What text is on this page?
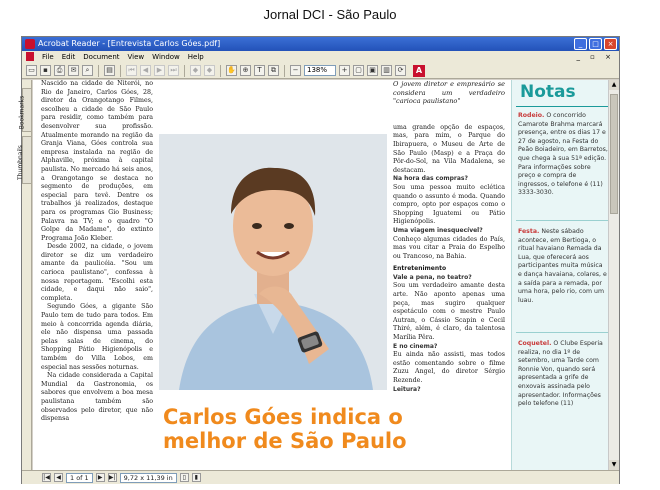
Jornal DCI - São Paulo
Acrobat Reader - [Entrevista Carlos Góes.pdf]	_	□	×
File Edit Document View Window Help	_ ▫ ×
▭	▪	⎙	✉	⌕	▤	⏮	◀	▶	⏭	◆	◆	✋ ⊕	T	⧉	−	138%	+	▢	▣	▥	⟳	A
Bookmarks
Thumbnails

Nascido na cidade de Niterói, no Rio de Janeiro, Carlos Góes, 28, diretor da Orangotango Filmes, escolheu a cidade de São Paulo para residir, como também para desenvolver sua profissão. Atualmente morando na região da Granja Viana, Góes controla sua empresa instalada na região de Alphaville, próxima à capital paulista. No mercado há seis anos, a Orangotango se destaca no segmento de produções, em especial para tevê. Dentre os trabalhos já realizados, destaque para os programas Gio Business; Palavra na TV; e o quadro "O Golpe da Madame", do extinto Programa João Kleber.

Desde 2002, na cidade, o jovem diretor se diz um verdadeiro amante da paulicéia. "Sou um carioca paulistano", confessa à nossa reportagem. "Escolhi esta cidade, e daqui não saio", completa.

Segundo Góes, a gigante São Paulo tem de tudo para todos. Em meio à concorrida agenda diária, ele não dispensa uma passada pelas salas de cinema, do Shopping Pátio Higienópolis e também do Villa Lobos, em especial nas sessões noturnas.

Na cidade considerada a Capital Mundial da Gastronomia, os sabores que envolvem a boa mesa paulistana também são observados pelo diretor, que não dispensa	Carlos Góes indica o melhor de São Paulo

O jovem diretor e empresário se considera um verdadeiro "carioca paulistano"

uma grande opção de espaços, mas, para mim, o Parque do Ibirapuera, o Museu de Arte de São Paulo (Masp) e a Praça do Pôr-do-Sol, na Vila Madalena, se destacam.

Na hora das compras?

Sou uma pessoa muito eclética quando o assunto é moda. Quando compro, opto por espaços como o Shopping Iguatemi ou Pátio Higienópolis.

Uma viagem inesquecível?

Conheço algumas cidades do País, mas vou citar a Praia do Espelho ou Trancoso, na Bahia.

Entretenimento

Vale a pena, no teatro?

Sou um verdadeiro amante desta arte. Não aponto apenas uma peça, mas sugiro qualquer espetáculo com o mestre Paulo Autran, o Cássio Scapin e Cecil Thiré, além, é claro, da talentosa Marília Pêra.

E no cinema?

Eu ainda não assisti, mas todos estão comentando sobre o filme Zuzu Angel, do diretor Sérgio Rezende.

Leitura?

Notas
Rodeio. O concorrido Camarote Brahma marcará presença, entre os dias 17 e 27 de agosto, na Festa do Peão Boiadeiro, em Barretos, que chega à sua 51ª edição. Para informações sobre preço e compra de ingressos, o telefone é (11) 3333-3030.
Festa. Neste sábado acontece, em Bertioga, o ritual havaiano Remada da Lua, que oferecerá aos participantes muita música e dança havaiana, colares, e a saída para a remada, por uma hora, pelo rio, com um luau.
Coquetel. O Clube Esperia realiza, no dia 1º de setembro, uma Tarde com Ronnie Von, quando será apresentada a grife de enxovais assinada pelo apresentador. Informações pelo telefone (11)
▲
▼
|◀	◀	1 of 1	▶	▶|	9,72 x 11,39 in	▯	▮
